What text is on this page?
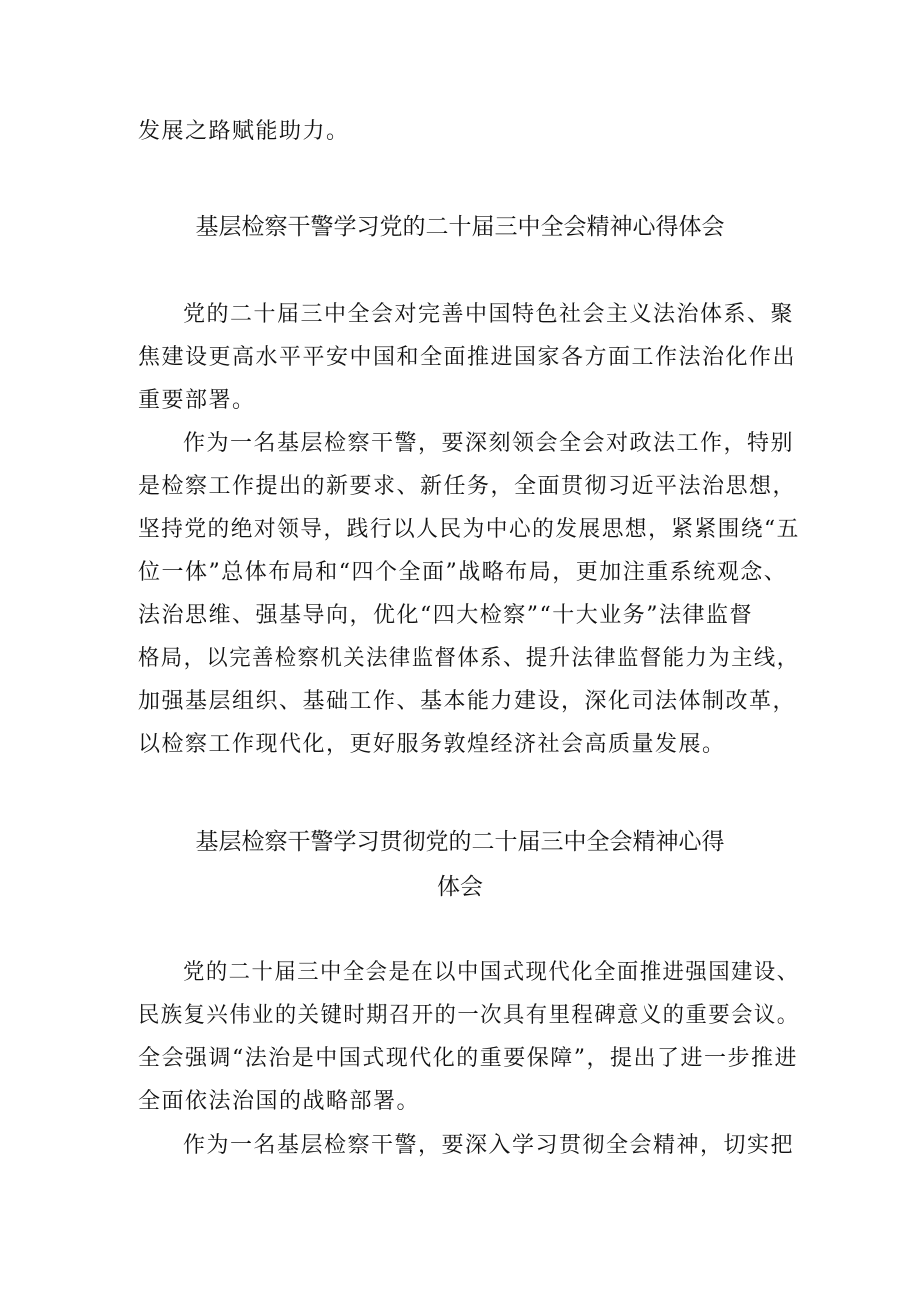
发展之路赋能助力。

基层检察干警学习党的二十届三中全会精神心得体会

党的二十届三中全会对完善中国特色社会主义法治体系、聚

焦建设更高水平平安中国和全面推进国家各方面工作法治化作出

重要部署。

作为一名基层检察干警，要深刻领会全会对政法工作，特别

是检察工作提出的新要求、新任务，全面贯彻习近平法治思想，

坚持党的绝对领导，践行以人民为中心的发展思想，紧紧围绕“五

位一体”总体布局和“四个全面”战略布局，更加注重系统观念、

法治思维、强基导向，优化“四大检察”“十大业务”法律监督

格局，以完善检察机关法律监督体系、提升法律监督能力为主线，

加强基层组织、基础工作、基本能力建设，深化司法体制改革，

以检察工作现代化，更好服务敦煌经济社会高质量发展。

基层检察干警学习贯彻党的二十届三中全会精神心得
体会

党的二十届三中全会是在以中国式现代化全面推进强国建设、

民族复兴伟业的关键时期召开的一次具有里程碑意义的重要会议。

全会强调“法治是中国式现代化的重要保障”，提出了进一步推进

全面依法治国的战略部署。

作为一名基层检察干警，要深入学习贯彻全会精神，切实把
